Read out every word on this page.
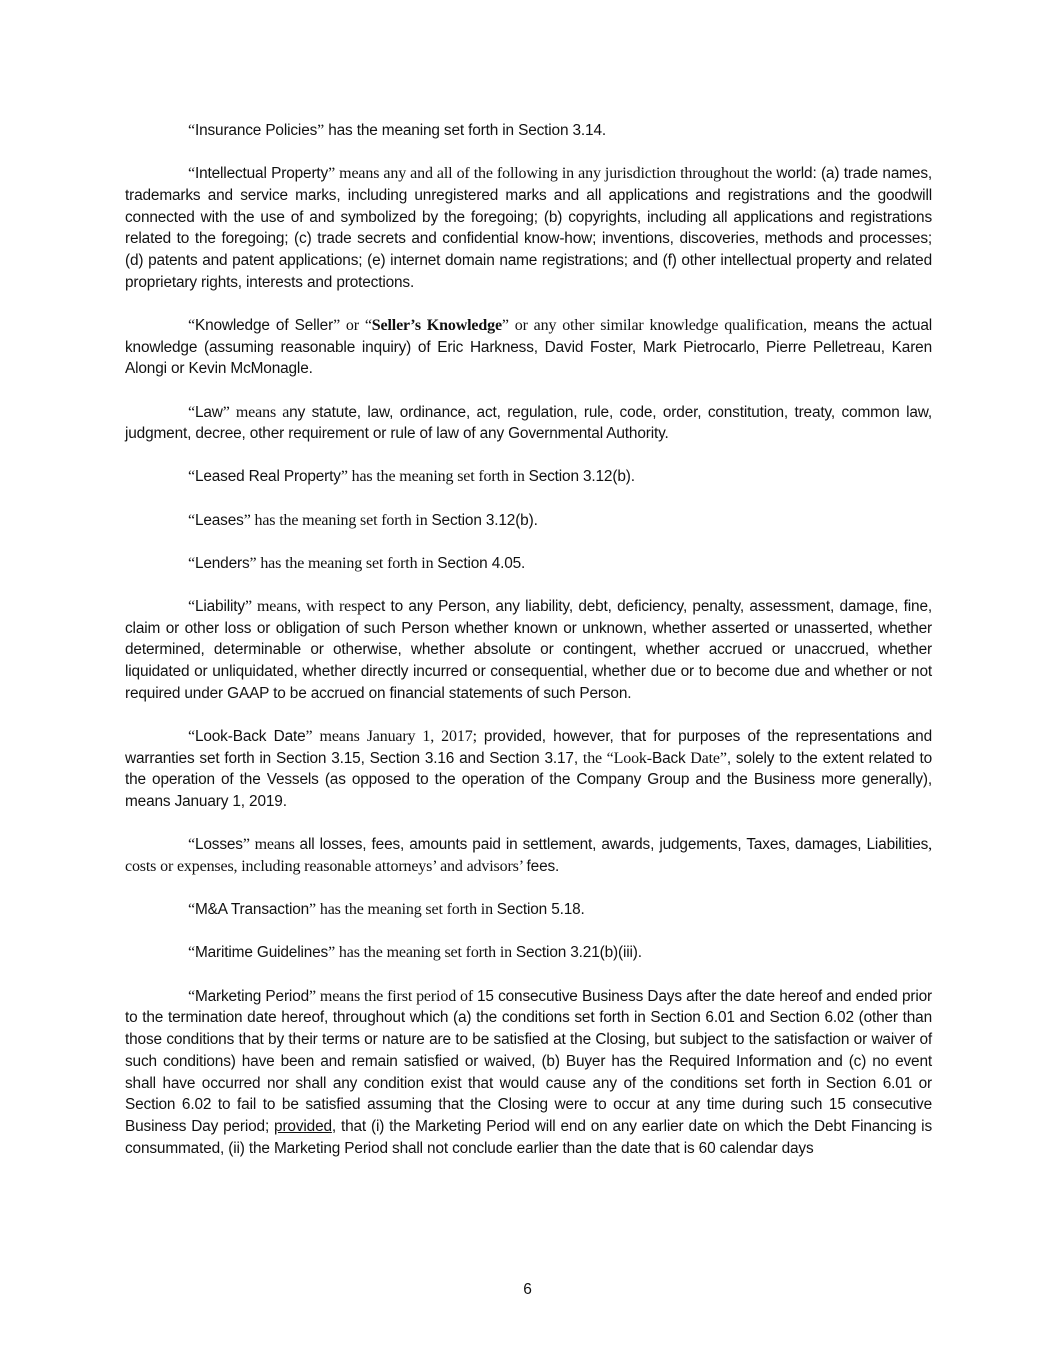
“Insurance Policies” has the meaning set forth in Section 3.14.

“Intellectual Property” means any and all of the following in any jurisdiction throughout the world: (a) trade names, trademarks and service marks, including unregistered marks and all applications and registrations and the goodwill connected with the use of and symbolized by the foregoing; (b) copyrights, including all applications and registrations related to the foregoing; (c) trade secrets and confidential know-how; inventions, discoveries, methods and processes; (d) patents and patent applications; (e) internet domain name registrations; and (f) other intellectual property and related proprietary rights, interests and protections.

“Knowledge of Seller” or “Seller’s Knowledge” or any other similar knowledge qualification, means the actual knowledge (assuming reasonable inquiry) of Eric Harkness, David Foster, Mark Pietrocarlo, Pierre Pelletreau, Karen Alongi or Kevin McMonagle.

“Law” means any statute, law, ordinance, act, regulation, rule, code, order, constitution, treaty, common law, judgment, decree, other requirement or rule of law of any Governmental Authority.

“Leased Real Property” has the meaning set forth in Section 3.12(b).

“Leases” has the meaning set forth in Section 3.12(b).

“Lenders” has the meaning set forth in Section 4.05.

“Liability” means, with respect to any Person, any liability, debt, deficiency, penalty, assessment, damage, fine, claim or other loss or obligation of such Person whether known or unknown, whether asserted or unasserted, whether determined, determinable or otherwise, whether absolute or contingent, whether accrued or unaccrued, whether liquidated or unliquidated, whether directly incurred or consequential, whether due or to become due and whether or not required under GAAP to be accrued on financial statements of such Person.

“Look-Back Date” means January 1, 2017; provided, however, that for purposes of the representations and warranties set forth in Section 3.15, Section 3.16 and Section 3.17, the “Look-Back Date”, solely to the extent related to the operation of the Vessels (as opposed to the operation of the Company Group and the Business more generally), means January 1, 2019.

“Losses” means all losses, fees, amounts paid in settlement, awards, judgements, Taxes, damages, Liabilities, costs or expenses, including reasonable attorneys’ and advisors’ fees.

“M&A Transaction” has the meaning set forth in Section 5.18.

“Maritime Guidelines” has the meaning set forth in Section 3.21(b)(iii).

“Marketing Period” means the first period of 15 consecutive Business Days after the date hereof and ended prior to the termination date hereof, throughout which (a) the conditions set forth in Section 6.01 and Section 6.02 (other than those conditions that by their terms or nature are to be satisfied at the Closing, but subject to the satisfaction or waiver of such conditions) have been and remain satisfied or waived, (b) Buyer has the Required Information and (c) no event shall have occurred nor shall any condition exist that would cause any of the conditions set forth in Section 6.01 or Section 6.02 to fail to be satisfied assuming that the Closing were to occur at any time during such 15 consecutive Business Day period; provided, that (i) the Marketing Period will end on any earlier date on which the Debt Financing is consummated, (ii) the Marketing Period shall not conclude earlier than the date that is 60 calendar days

6
